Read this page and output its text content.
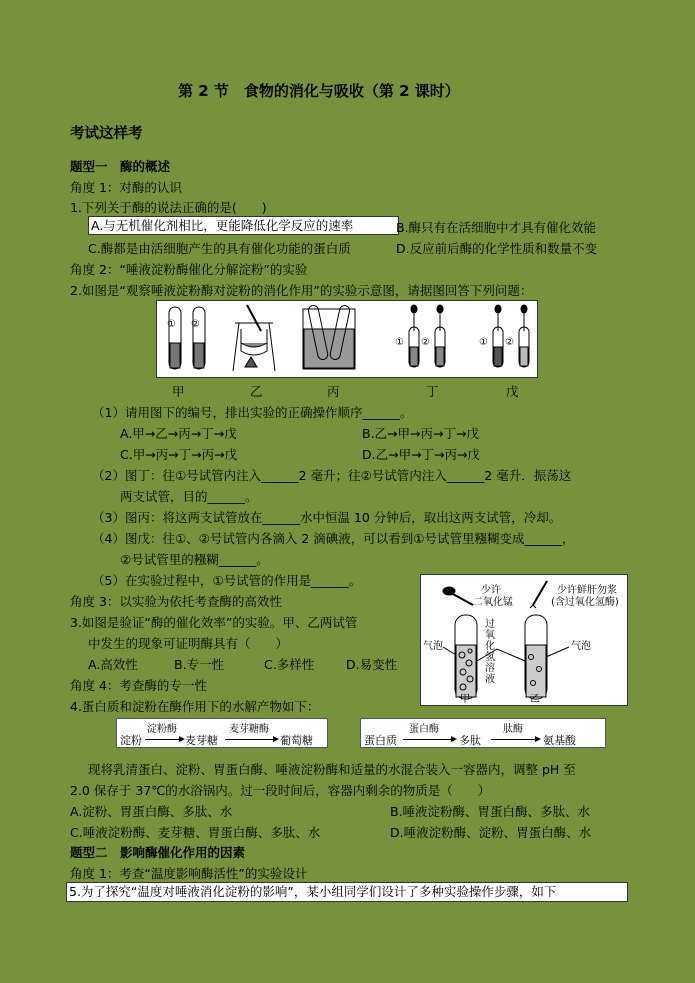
第 2 节　食物的消化与吸收（第 2 课时）
考试这样考
题型一　酶的概述
角度 1：对酶的认识
1.下列关于酶的说法正确的是(　　)
A.与无机催化剂相比，更能降低化学反应的速率	B.酶只有在活细胞中才具有催化效能
C.酶都是由活细胞产生的具有催化功能的蛋白质	D.反应前后酶的化学性质和数量不变
角度 2：“唾液淀粉酶催化分解淀粉”的实验
2.如图是“观察唾液淀粉酶对淀粉的消化作用”的实验示意图，请据图回答下列问题：
① ②
① ②	① ②
甲	乙	丙	丁	戊
（1）请用图下的编号，排出实验的正确操作顺序______。
A.甲→乙→丙→丁→戊	B.乙→甲→丙→丁→戊
C.甲→丙→丁→丙→戊	D.乙→甲→丁→丙→戊
（2）图丁：往①号试管内注入______2 毫升；往②号试管内注入______2 毫升．振荡这
两支试管，目的______。
（3）图丙：将这两支试管放在______水中恒温 10 分钟后，取出这两支试管，冷却。
（4）图戊：往①、②号试管内各滴入 2 滴碘液，可以看到①号试管里糨糊变成______，
②号试管里的糨糊______。
（5）在实验过程中，①号试管的作用是______。
角度 3：以实验为依托考查酶的高效性
3.如图是验证“酶的催化效率”的实验。甲、乙两试管
中发生的现象可证明酶具有（　　）
A.高效性	B.专一性	C.多样性	D.易变性
少许
二氧化锰
少许鲜肝勿浆
(含过氧化氢酶)
气泡	气泡
过氧化氢溶液
甲	乙
角度 4：考查酶的专一性
4.蛋白质和淀粉在酶作用下的水解产物如下：
淀粉
淀粉酶
麦芽糖
麦芽糖酶
葡萄糖	蛋白质
蛋白酶
多肽
肽酶
氨基酸
现将乳清蛋白、淀粉、胃蛋白酶、唾液淀粉酶和适量的水混合装入一容器内，调整 pH 至
2.0 保存于 37℃的水浴锅内。过一段时间后，容器内剩余的物质是（　　）
A.淀粉、胃蛋白酶、多肽、水	B.唾液淀粉酶、胃蛋白酶、多肽、水
C.唾液淀粉酶、麦芽糖、胃蛋白酶、多肽、水	D.唾液淀粉酶、淀粉、胃蛋白酶、水
题型二　影响酶催化作用的因素
角度 1：考查“温度影响酶活性”的实验设计
5.为了探究“温度对唾液消化淀粉的影响”，某小组同学们设计了多种实验操作步骤，如下
